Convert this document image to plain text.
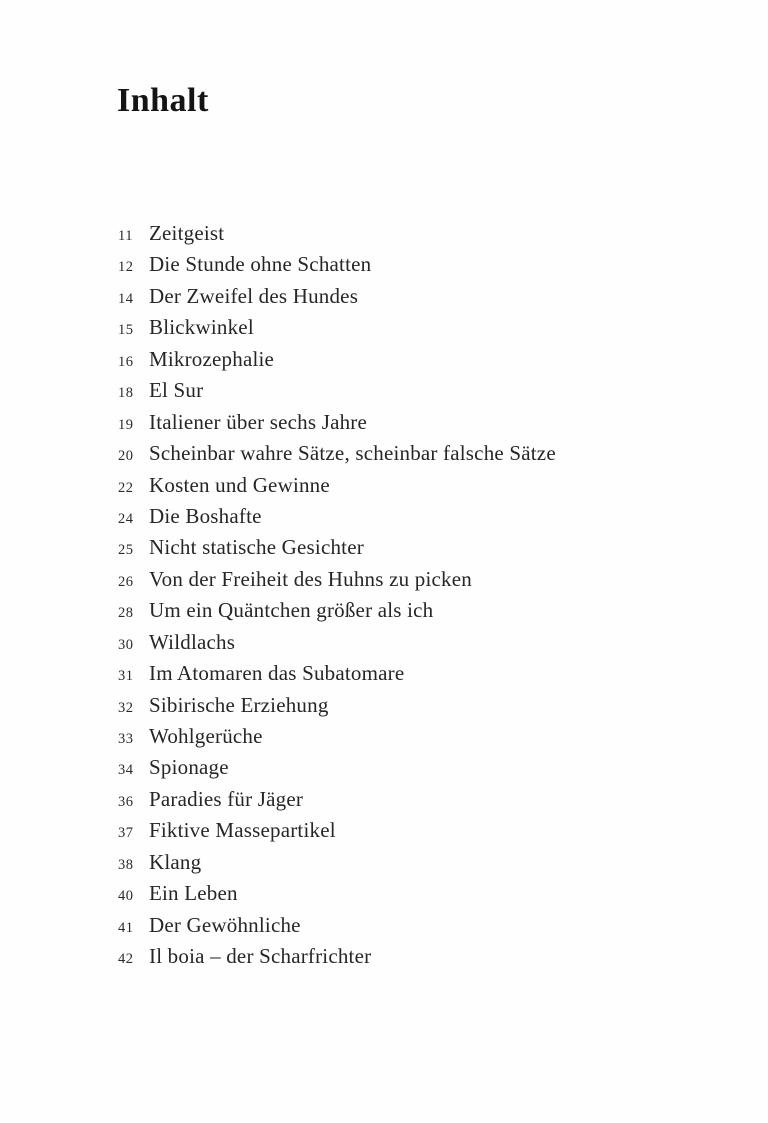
Inhalt
11 Zeitgeist
12 Die Stunde ohne Schatten
14 Der Zweifel des Hundes
15 Blickwinkel
16 Mikrozephalie
18 El Sur
19 Italiener über sechs Jahre
20 Scheinbar wahre Sätze, scheinbar falsche Sätze
22 Kosten und Gewinne
24 Die Boshafte
25 Nicht statische Gesichter
26 Von der Freiheit des Huhns zu picken
28 Um ein Quäntchen größer als ich
30 Wildlachs
31 Im Atomaren das Subatomare
32 Sibirische Erziehung
33 Wohlgerüche
34 Spionage
36 Paradies für Jäger
37 Fiktive Massepartikel
38 Klang
40 Ein Leben
41 Der Gewöhnliche
42 Il boia – der Scharfrichter
